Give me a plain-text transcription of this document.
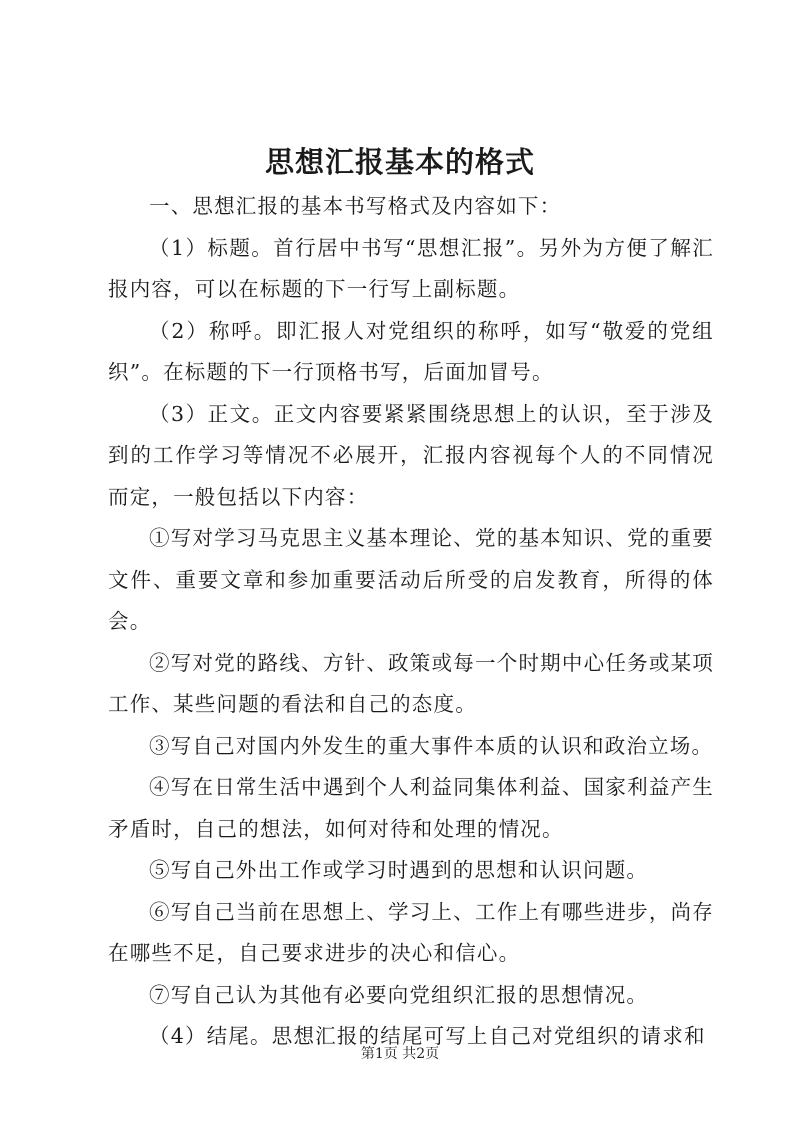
思想汇报基本的格式

一、思想汇报的基本书写格式及内容如下：

（1）标题。首行居中书写“思想汇报”。另外为方便了解汇报内容，可以在标题的下一行写上副标题。

（2）称呼。即汇报人对党组织的称呼，如写“敬爱的党组织”。在标题的下一行顶格书写，后面加冒号。

（3）正文。正文内容要紧紧围绕思想上的认识，至于涉及到的工作学习等情况不必展开，汇报内容视每个人的不同情况而定，一般包括以下内容：

①写对学习马克思主义基本理论、党的基本知识、党的重要文件、重要文章和参加重要活动后所受的启发教育，所得的体会。

②写对党的路线、方针、政策或每一个时期中心任务或某项工作、某些问题的看法和自己的态度。

③写自己对国内外发生的重大事件本质的认识和政治立场。

④写在日常生活中遇到个人利益同集体利益、国家利益产生矛盾时，自己的想法，如何对待和处理的情况。

⑤写自己外出工作或学习时遇到的思想和认识问题。

⑥写自己当前在思想上、学习上、工作上有哪些进步，尚存在哪些不足，自己要求进步的决心和信心。

⑦写自己认为其他有必要向党组织汇报的思想情况。

（4）结尾。思想汇报的结尾可写上自己对党组织的请求和

第1页 共2页
